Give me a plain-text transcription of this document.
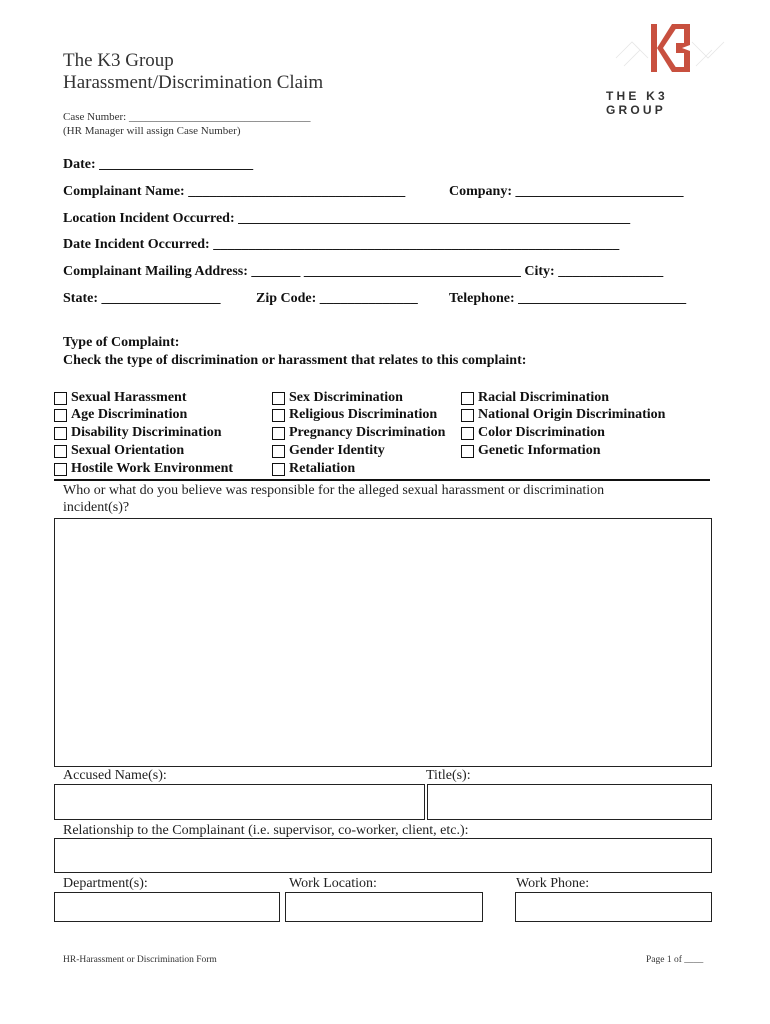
The K3 Group
Harassment/Discrimination Claim
Case Number: _________________________________
(HR Manager will assign Case Number)
THE K3 GROUP
Date: ______________________
Complainant Name: _______________________________	Company: ________________________
Location Incident Occurred: ________________________________________________________
Date Incident Occurred: __________________________________________________________
Complainant Mailing Address: _______ _______________________________ City: _______________
State: _________________	Zip Code: ______________ Telephone: ________________________
Type of Complaint:
Check the type of discrimination or harassment that relates to this complaint:
Sexual Harassment
Age Discrimination
Disability Discrimination
Sexual Orientation
Hostile Work Environment
Sex Discrimination
Religious Discrimination
Pregnancy Discrimination
Gender Identity
Retaliation
Racial Discrimination
National Origin Discrimination
Color Discrimination
Genetic Information
Who or what do you believe was responsible for the alleged sexual harassment or discrimination
incident(s)?
Accused Name(s):	Title(s):
Relationship to the Complainant (i.e. supervisor, co-worker, client, etc.):
Department(s):	Work Location:	Work Phone:
HR-Harassment or Discrimination Form	Page 1 of ____
